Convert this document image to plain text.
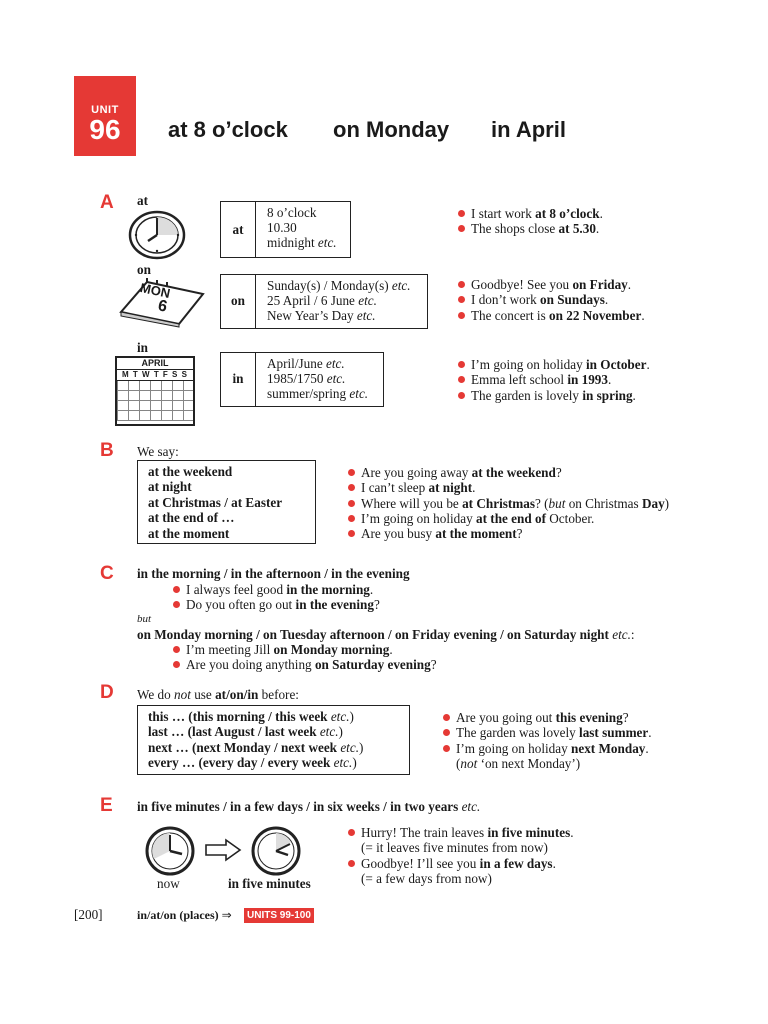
UNIT
96	at 8 o’clock on Monday in April
A at
on
MON
6
in
APRIL
M T W T F S S
at
8 o’clock
10.30
midnight etc.
on
Sunday(s) / Monday(s) etc.
25 April / 6 June etc.
New Year’s Day etc.
in
April/June etc.
1985/1750 etc.
summer/spring etc.
I start work at 8 o’clock.
The shops close at 5.30.
Goodbye! See you on Friday.
I don’t work on Sundays.
The concert is on 22 November.
I’m going on holiday in October.
Emma left school in 1993.
The garden is lovely in spring.
B We say:
at the weekend
at night
at Christmas / at Easter
at the end of …
at the moment
Are you going away at the weekend?
I can’t sleep at night.
Where will you be at Christmas? (but on Christmas Day)
I’m going on holiday at the end of October.
Are you busy at the moment?
C in the morning / in the afternoon / in the evening
I always feel good in the morning.
Do you often go out in the evening?
but
on Monday morning / on Tuesday afternoon / on Friday evening / on Saturday night etc.:
I’m meeting Jill on Monday morning.
Are you doing anything on Saturday evening?
D We do not use at/on/in before:
this … (this morning / this week etc.)
last … (last August / last week etc.)
next … (next Monday / next week etc.)
every … (every day / every week etc.)
Are you going out this evening?
The garden was lovely last summer.
I’m going on holiday next Monday.
(not ‘on next Monday’)
E in five minutes / in a few days / in six weeks / in two years etc.
now	in five minutes
Hurry! The train leaves in five minutes.
(= it leaves five minutes from now)
Goodbye! I’ll see you in a few days.
(= a few days from now)
[200]	in/at/on (places) ⇒	UNITS 99-100
